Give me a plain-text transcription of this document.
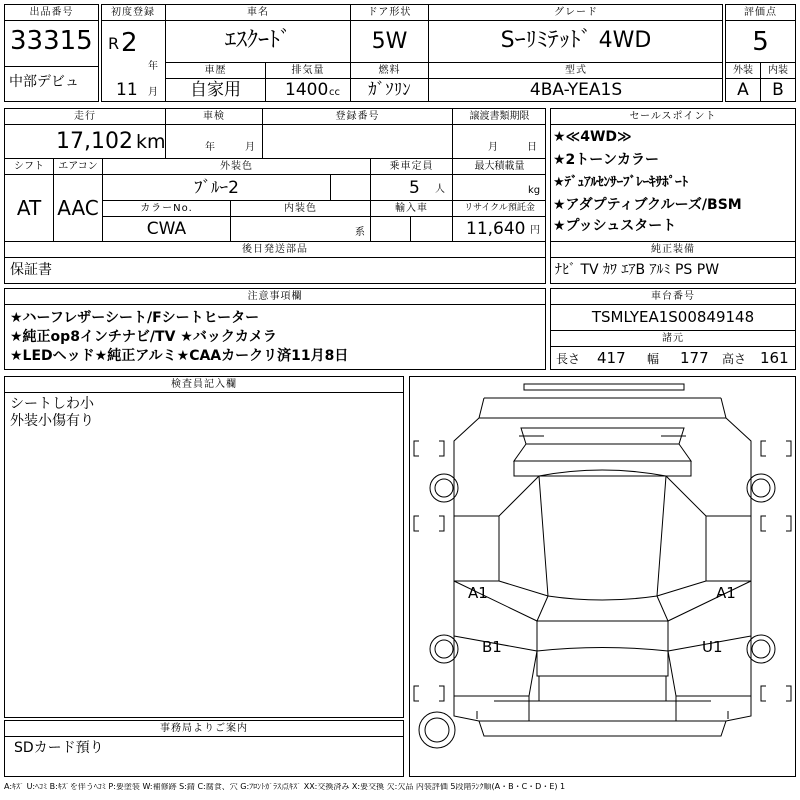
出品番号
33315
中部デビュ
初度登録
R 2
年
11 月
車名
ｴｽｸｰﾄﾞ
ドア形状
5W
グレード
Sｰﾘﾐﾃｯﾄﾞ 4WD
車歴
自家用
排気量
1400 cc
燃料
ｶﾞｿﾘﾝ
型式
4BA-YEA1S
評価点
5
外装	内装
A	B
走行
17,102 km
車検
年	月
登録番号	譲渡書類期限
月	日
シフト
AT
エアコン
AAC
外装色
ﾌﾞﾙｰ2
乗車定員
5 人
最大積載量
kg
カラーNo.
CWA
内装色
系
輸入車	リサイクル預託金
11,640 円
後日発送部品
保証書
セールスポイント
★≪4WD≫
★2トーンカラー
★ﾃﾞｭｱﾙｾﾝｻｰﾌﾞﾚｰｷｻﾎﾟｰﾄ
★アダプティブクルーズ/BSM
★プッシュスタート
純正装備
ﾅﾋﾞ TV ｶﾜ ｴｱB ｱﾙﾐ PS PW
注意事項欄
★ハーフレザーシート/Fシートヒーター
★純正op8インチナビ/TV ★バックカメラ
★LEDヘッド★純正アルミ★CAAカークリ済11月8日
車台番号
TSMLYEA1S00849148
諸元
長さ 417 幅 177 高さ 161
検査員記入欄
シートしわ小
外装小傷有り
事務局よりご案内
SDカード預り
A1	A1
B1	U1
A:ｷｽﾞ U:ﾍｺﾐ B:ｷｽﾞを伴うﾍｺﾐ P:要塗装 W:補修跡 S:錆 C:腐食、穴 G:ﾌﾛﾝﾄｶﾞﾗｽ点ｷｽﾞ XX:交換済み X:要交換 欠:欠品 内装評価 5段階ﾗﾝｸ順(A・B・C・D・E) 1
